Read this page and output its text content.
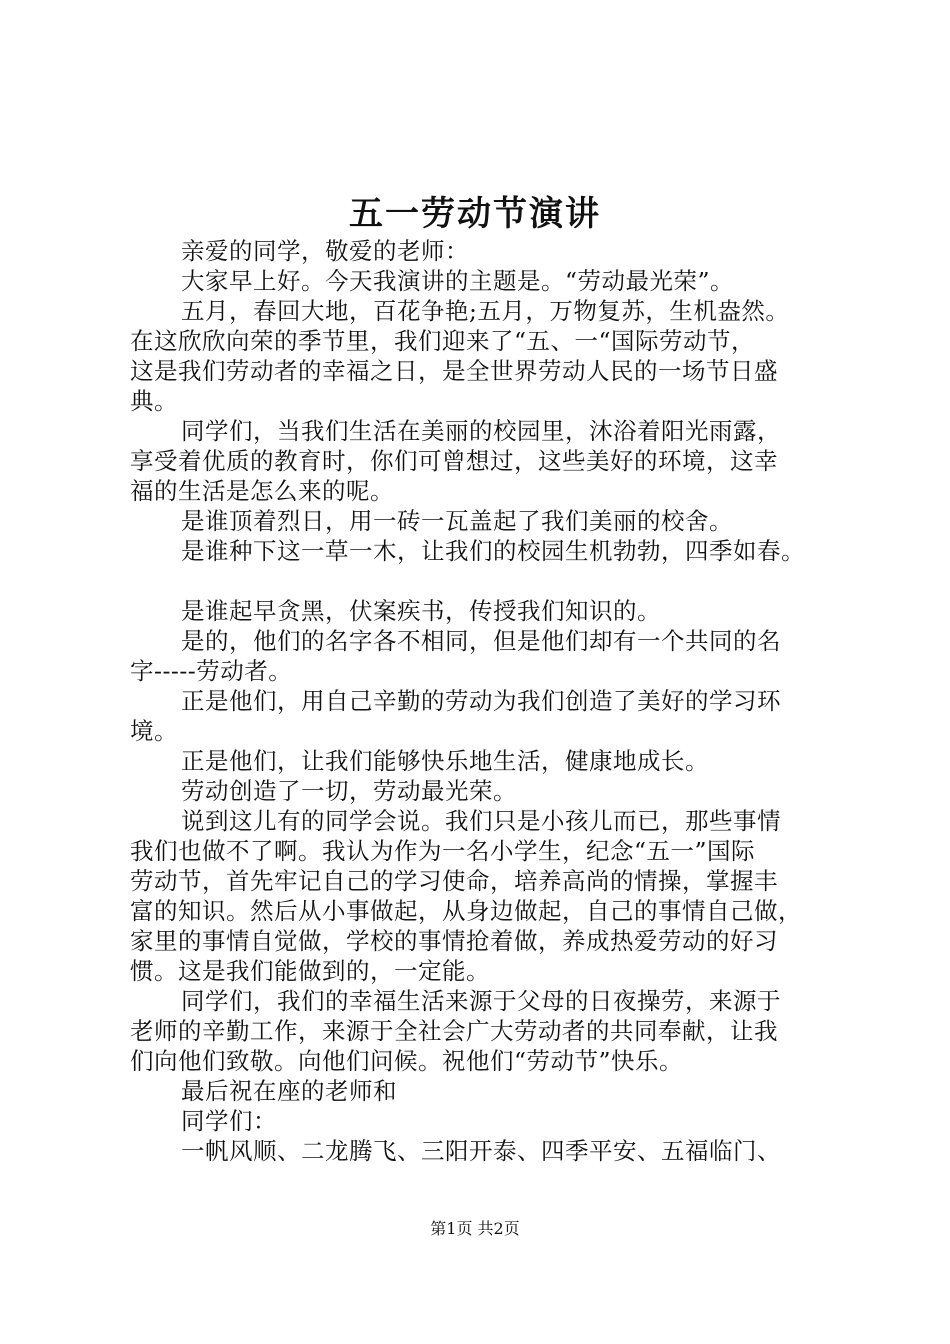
五一劳动节演讲
亲爱的同学，敬爱的老师：
大家早上好。今天我演讲的主题是。“劳动最光荣”。
五月，春回大地，百花争艳;五月，万物复苏，生机盎然。
在这欣欣向荣的季节里，我们迎来了“五、一“国际劳动节，
这是我们劳动者的幸福之日，是全世界劳动人民的一场节日盛
典。
同学们，当我们生活在美丽的校园里，沐浴着阳光雨露，
享受着优质的教育时，你们可曾想过，这些美好的环境，这幸
福的生活是怎么来的呢。
是谁顶着烈日，用一砖一瓦盖起了我们美丽的校舍。
是谁种下这一草一木，让我们的校园生机勃勃，四季如春。
是谁起早贪黑，伏案疾书，传授我们知识的。
是的，他们的名字各不相同，但是他们却有一个共同的名
字-----劳动者。
正是他们，用自己辛勤的劳动为我们创造了美好的学习环
境。
正是他们，让我们能够快乐地生活，健康地成长。
劳动创造了一切，劳动最光荣。
说到这儿有的同学会说。我们只是小孩儿而已，那些事情
我们也做不了啊。我认为作为一名小学生，纪念“五一”国际
劳动节，首先牢记自己的学习使命，培养高尚的情操，掌握丰
富的知识。然后从小事做起，从身边做起，自己的事情自己做，
家里的事情自觉做，学校的事情抢着做，养成热爱劳动的好习
惯。这是我们能做到的，一定能。
同学们，我们的幸福生活来源于父母的日夜操劳，来源于
老师的辛勤工作，来源于全社会广大劳动者的共同奉献，让我
们向他们致敬。向他们问候。祝他们“劳动节”快乐。
最后祝在座的老师和
同学们：
一帆风顺、二龙腾飞、三阳开泰、四季平安、五福临门、
第1页 共2页
